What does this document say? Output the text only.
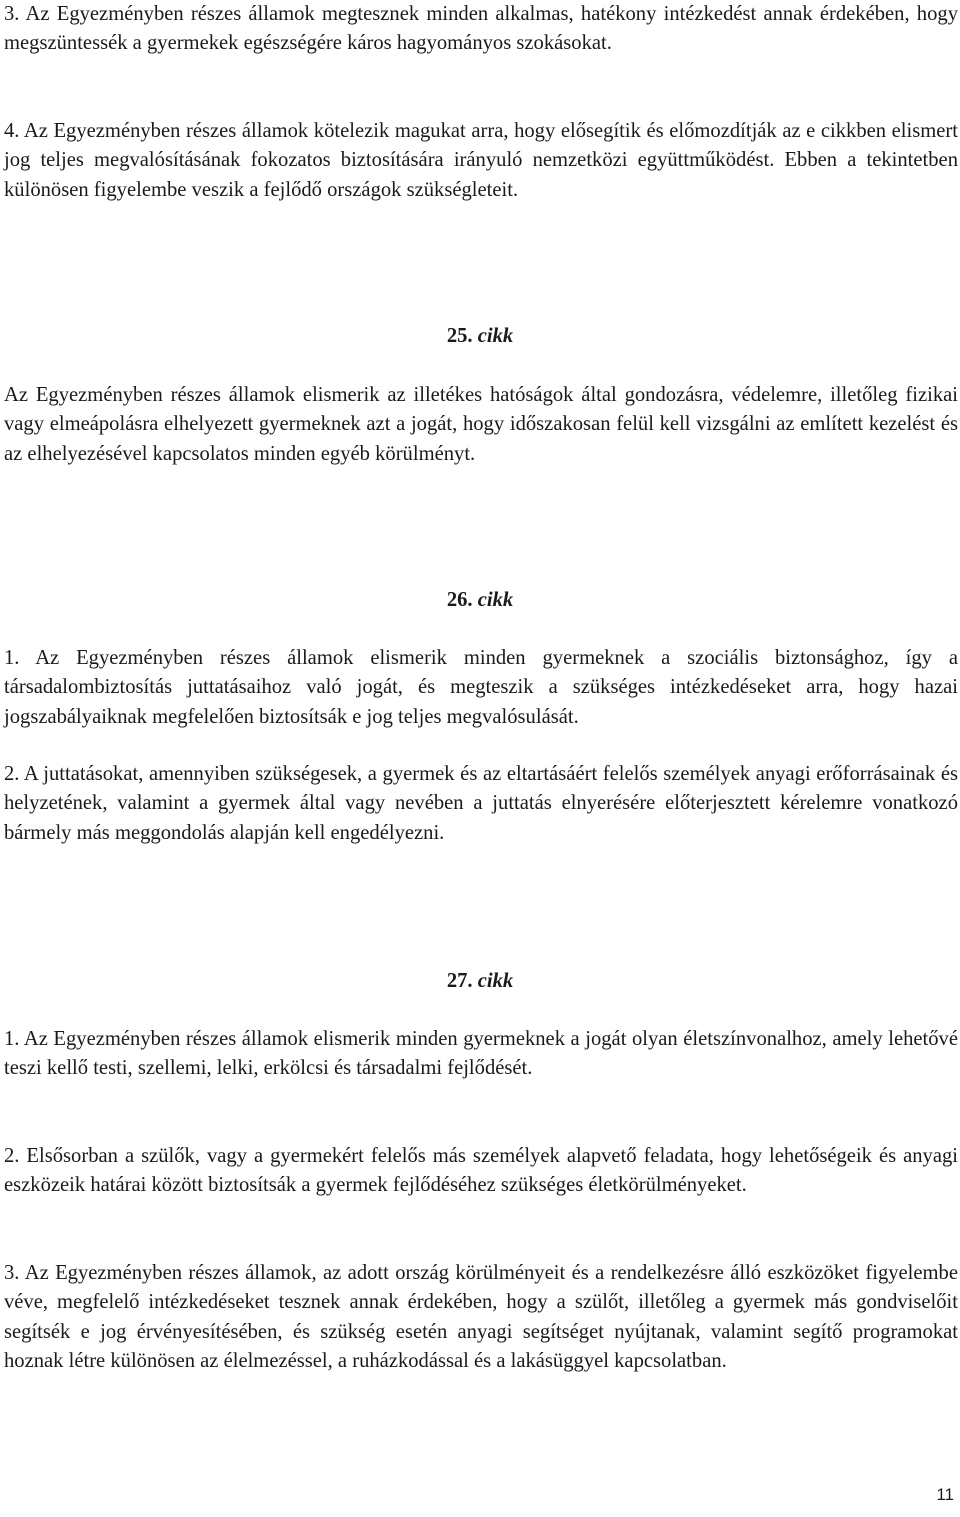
3. Az Egyezményben részes államok megtesznek minden alkalmas, hatékony intézkedést annak érdekében, hogy megszüntessék a gyermekek egészségére káros hagyományos szokásokat.

4. Az Egyezményben részes államok kötelezik magukat arra, hogy elősegítik és előmozdítják az e cikkben elismert jog teljes megvalósításának fokozatos biztosítására irányuló nemzetközi együttműködést. Ebben a tekintetben különösen figyelembe veszik a fejlődő országok szükségleteit.

25. cikk

Az Egyezményben részes államok elismerik az illetékes hatóságok által gondozásra, védelemre, illetőleg fizikai vagy elmeápolásra elhelyezett gyermeknek azt a jogát, hogy időszakosan felül kell vizsgálni az említett kezelést és az elhelyezésével kapcsolatos minden egyéb körülményt.

26. cikk

1. Az Egyezményben részes államok elismerik minden gyermeknek a szociális biztonsághoz, így a társadalombiztosítás juttatásaihoz való jogát, és megteszik a szükséges intézkedéseket arra, hogy hazai jogszabályaiknak megfelelően biztosítsák e jog teljes megvalósulását.

2. A juttatásokat, amennyiben szükségesek, a gyermek és az eltartásáért felelős személyek anyagi erőforrásainak és helyzetének, valamint a gyermek által vagy nevében a juttatás elnyerésére előterjesztett kérelemre vonatkozó bármely más meggondolás alapján kell engedélyezni.

27. cikk

1. Az Egyezményben részes államok elismerik minden gyermeknek a jogát olyan életszínvonalhoz, amely lehetővé teszi kellő testi, szellemi, lelki, erkölcsi és társadalmi fejlődését.

2. Elsősorban a szülők, vagy a gyermekért felelős más személyek alapvető feladata, hogy lehetőségeik és anyagi eszközeik határai között biztosítsák a gyermek fejlődéséhez szükséges életkörülményeket.

3. Az Egyezményben részes államok, az adott ország körülményeit és a rendelkezésre álló eszközöket figyelembe véve, megfelelő intézkedéseket tesznek annak érdekében, hogy a szülőt, illetőleg a gyermek más gondviselőit segítsék e jog érvényesítésében, és szükség esetén anyagi segítséget nyújtanak, valamint segítő programokat hoznak létre különösen az élelmezéssel, a ruházkodással és a lakásüggyel kapcsolatban.

11
